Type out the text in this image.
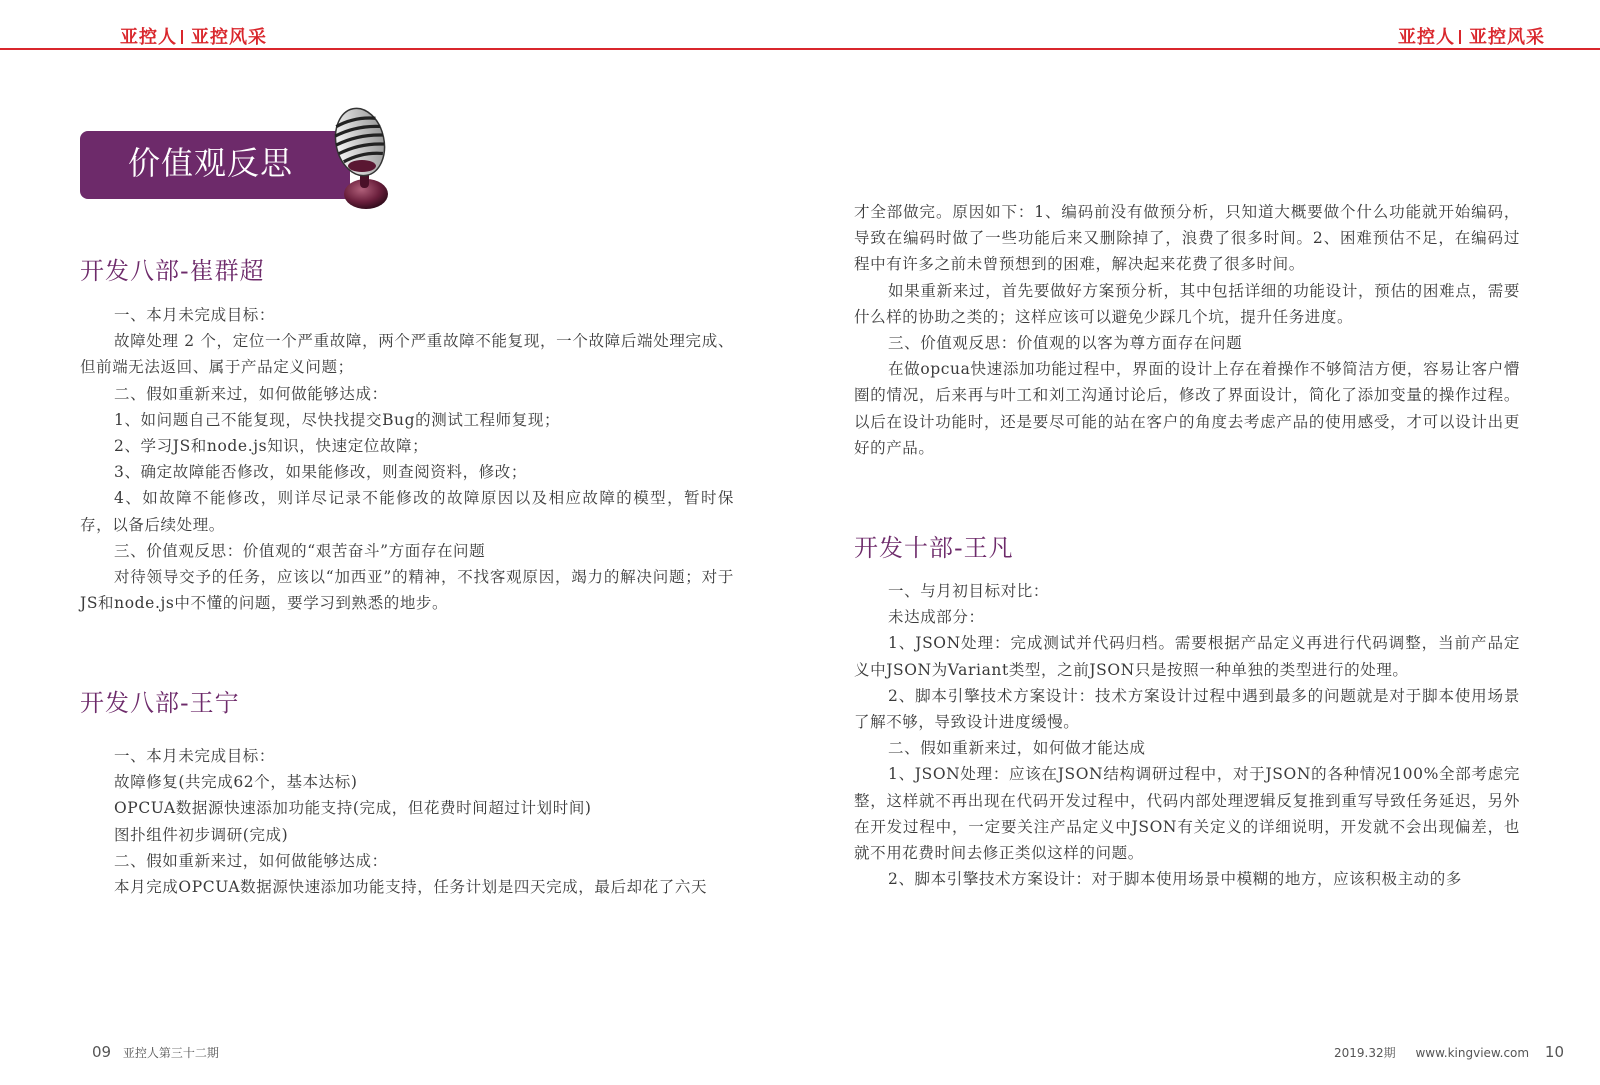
亚控人 亚控风采	亚控人 亚控风采
价值观反思
开发八部-崔群超

一、本月未完成目标：

故障处理 2 个，定位一个严重故障，两个严重故障不能复现，一个故障后端处理完成、但前端无法返回、属于产品定义问题；

二、假如重新来过，如何做能够达成：

1、如问题自己不能复现，尽快找提交Bug的测试工程师复现；

2、学习JS和node.js知识，快速定位故障；

3、确定故障能否修改，如果能修改，则查阅资料，修改；

4、如故障不能修改，则详尽记录不能修改的故障原因以及相应故障的模型，暂时保存，以备后续处理。

三、价值观反思：价值观的“艰苦奋斗”方面存在问题

对待领导交予的任务，应该以“加西亚”的精神，不找客观原因，竭力的解决问题；对于JS和node.js中不懂的问题，要学习到熟悉的地步。

开发八部-王宁

一、本月未完成目标：

故障修复(共完成62个，基本达标)

OPCUA数据源快速添加功能支持(完成，但花费时间超过计划时间)

图扑组件初步调研(完成)

二、假如重新来过，如何做能够达成：

本月完成OPCUA数据源快速添加功能支持，任务计划是四天完成，最后却花了六天

才全部做完。原因如下：1、编码前没有做预分析，只知道大概要做个什么功能就开始编码，导致在编码时做了一些功能后来又删除掉了，浪费了很多时间。2、困难预估不足，在编码过程中有许多之前未曾预想到的困难，解决起来花费了很多时间。

如果重新来过，首先要做好方案预分析，其中包括详细的功能设计，预估的困难点，需要什么样的协助之类的；这样应该可以避免少踩几个坑，提升任务进度。

三、价值观反思：价值观的以客为尊方面存在问题

在做opcua快速添加功能过程中，界面的设计上存在着操作不够简洁方便，容易让客户懵圈的情况，后来再与叶工和刘工沟通讨论后，修改了界面设计，简化了添加变量的操作过程。以后在设计功能时，还是要尽可能的站在客户的角度去考虑产品的使用感受，才可以设计出更好的产品。

开发十部-王凡

一、与月初目标对比：

未达成部分：

1、JSON处理：完成测试并代码归档。需要根据产品定义再进行代码调整，当前产品定义中JSON为Variant类型，之前JSON只是按照一种单独的类型进行的处理。

2、脚本引擎技术方案设计：技术方案设计过程中遇到最多的问题就是对于脚本使用场景了解不够，导致设计进度缓慢。

二、假如重新来过，如何做才能达成

1、JSON处理：应该在JSON结构调研过程中，对于JSON的各种情况100%全部考虑完整，这样就不再出现在代码开发过程中，代码内部处理逻辑反复推到重写导致任务延迟，另外在开发过程中，一定要关注产品定义中JSON有关定义的详细说明，开发就不会出现偏差，也就不用花费时间去修正类似这样的问题。

2、脚本引擎技术方案设计：对于脚本使用场景中模糊的地方，应该积极主动的多

09 亚控人第三十二期	2019.32期 www.kingview.com 10
